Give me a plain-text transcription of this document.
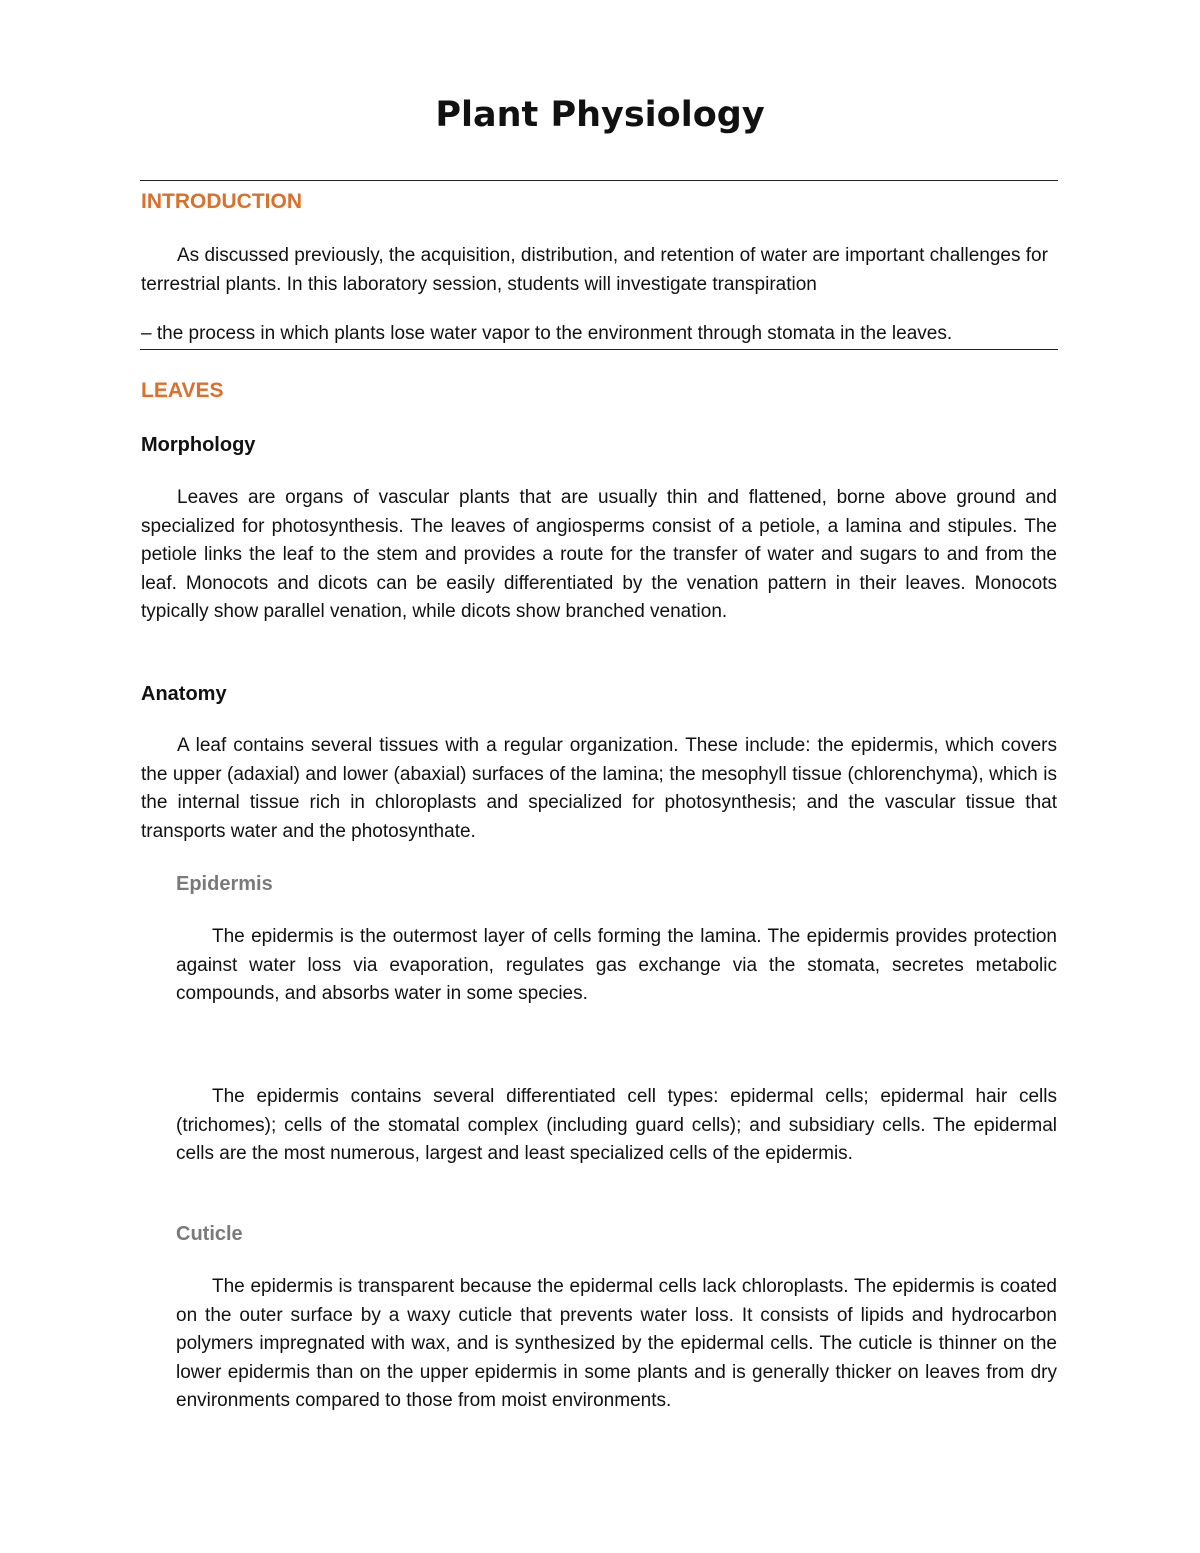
Plant Physiology
INTRODUCTION

As discussed previously, the acquisition, distribution, and retention of water are important challenges for terrestrial plants. In this laboratory session, students will investigate transpiration

– the process in which plants lose water vapor to the environment through stomata in the leaves.

LEAVES
Morphology

Leaves are organs of vascular plants that are usually thin and flattened, borne above ground and specialized for photosynthesis. The leaves of angiosperms consist of a petiole, a lamina and stipules. The petiole links the leaf to the stem and provides a route for the transfer of water and sugars to and from the leaf. Monocots and dicots can be easily differentiated by the venation pattern in their leaves. Monocots typically show parallel venation, while dicots show branched venation.

Anatomy

A leaf contains several tissues with a regular organization. These include: the epidermis, which covers the upper (adaxial) and lower (abaxial) surfaces of the lamina; the mesophyll tissue (chlorenchyma), which is the internal tissue rich in chloroplasts and specialized for photosynthesis; and the vascular tissue that transports water and the photosynthate.

Epidermis

The epidermis is the outermost layer of cells forming the lamina. The epidermis provides protection against water loss via evaporation, regulates gas exchange via the stomata, secretes metabolic compounds, and absorbs water in some species.

The epidermis contains several differentiated cell types: epidermal cells; epidermal hair cells (trichomes); cells of the stomatal complex (including guard cells); and subsidiary cells. The epidermal cells are the most numerous, largest and least specialized cells of the epidermis.

Cuticle

The epidermis is transparent because the epidermal cells lack chloroplasts. The epidermis is coated on the outer surface by a waxy cuticle that prevents water loss. It consists of lipids and hydrocarbon polymers impregnated with wax, and is synthesized by the epidermal cells. The cuticle is thinner on the lower epidermis than on the upper epidermis in some plants and is generally thicker on leaves from dry environments compared to those from moist environments.
